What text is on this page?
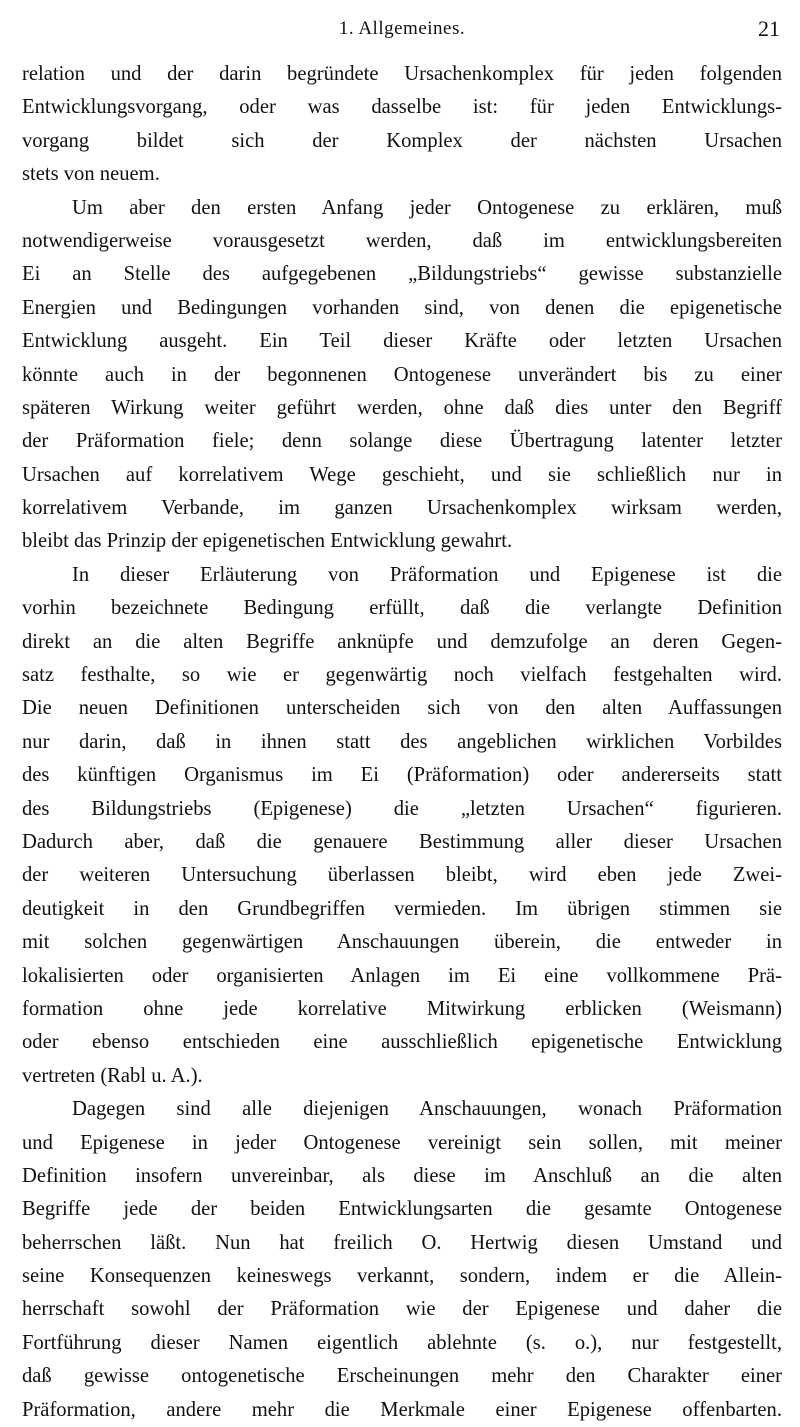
1. Allgemeines.	21
relation und der darin begründete Ursachenkomplex für jeden folgenden
Entwicklungsvorgang, oder was dasselbe ist: für jeden Entwicklungs-
vorgang bildet sich der Komplex der nächsten Ursachen
stets von neuem.
Um aber den ersten Anfang jeder Ontogenese zu erklären, muß
notwendigerweise vorausgesetzt werden, daß im entwicklungsbereiten
Ei an Stelle des aufgegebenen „Bildungstriebs“ gewisse substanzielle
Energien und Bedingungen vorhanden sind, von denen die epigenetische
Entwicklung ausgeht. Ein Teil dieser Kräfte oder letzten Ursachen
könnte auch in der begonnenen Ontogenese unverändert bis zu einer
späteren Wirkung weiter geführt werden, ohne daß dies unter den Begriff
der Präformation fiele; denn solange diese Übertragung latenter letzter
Ursachen auf korrelativem Wege geschieht, und sie schließlich nur in
korrelativem Verbande, im ganzen Ursachenkomplex wirksam werden,
bleibt das Prinzip der epigenetischen Entwicklung gewahrt.
In dieser Erläuterung von Präformation und Epigenese ist die
vorhin bezeichnete Bedingung erfüllt, daß die verlangte Definition
direkt an die alten Begriffe anknüpfe und demzufolge an deren Gegen-
satz festhalte, so wie er gegenwärtig noch vielfach festgehalten wird.
Die neuen Definitionen unterscheiden sich von den alten Auffassungen
nur darin, daß in ihnen statt des angeblichen wirklichen Vorbildes
des künftigen Organismus im Ei (Präformation) oder andererseits statt
des Bildungstriebs (Epigenese) die „letzten Ursachen“ figurieren.
Dadurch aber, daß die genauere Bestimmung aller dieser Ursachen
der weiteren Untersuchung überlassen bleibt, wird eben jede Zwei-
deutigkeit in den Grundbegriffen vermieden. Im übrigen stimmen sie
mit solchen gegenwärtigen Anschauungen überein, die entweder in
lokalisierten oder organisierten Anlagen im Ei eine vollkommene Prä-
formation ohne jede korrelative Mitwirkung erblicken (Weismann)
oder ebenso entschieden eine ausschließlich epigenetische Entwicklung
vertreten (Rabl u. A.).
Dagegen sind alle diejenigen Anschauungen, wonach Präformation
und Epigenese in jeder Ontogenese vereinigt sein sollen, mit meiner
Definition insofern unvereinbar, als diese im Anschluß an die alten
Begriffe jede der beiden Entwicklungsarten die gesamte Ontogenese
beherrschen läßt. Nun hat freilich O. Hertwig diesen Umstand und
seine Konsequenzen keineswegs verkannt, sondern, indem er die Allein-
herrschaft sowohl der Präformation wie der Epigenese und daher die
Fortführung dieser Namen eigentlich ablehnte (s. o.), nur festgestellt,
daß gewisse ontogenetische Erscheinungen mehr den Charakter einer
Präformation, andere mehr die Merkmale einer Epigenese offenbarten.
